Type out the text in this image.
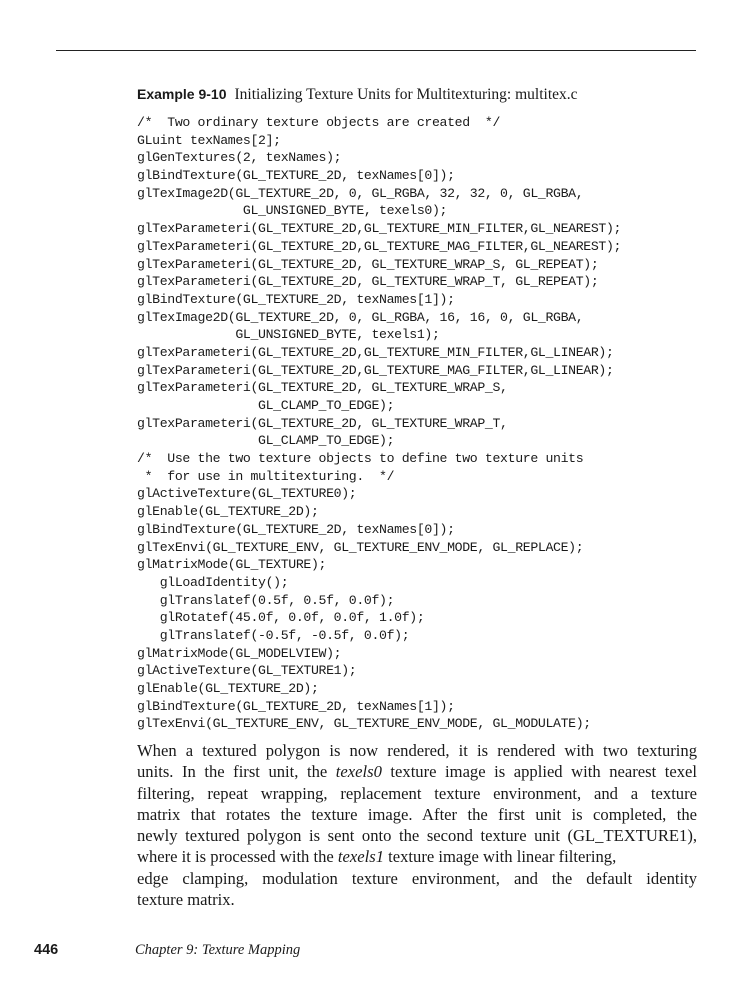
Example 9-10 Initializing Texture Units for Multitexturing: multitex.c
/*  Two ordinary texture objects are created  */
GLuint texNames[2];
glGenTextures(2, texNames);
glBindTexture(GL_TEXTURE_2D, texNames[0]);
glTexImage2D(GL_TEXTURE_2D, 0, GL_RGBA, 32, 32, 0, GL_RGBA,
GL_UNSIGNED_BYTE, texels0);
glTexParameteri(GL_TEXTURE_2D,GL_TEXTURE_MIN_FILTER,GL_NEAREST);
glTexParameteri(GL_TEXTURE_2D,GL_TEXTURE_MAG_FILTER,GL_NEAREST);
glTexParameteri(GL_TEXTURE_2D, GL_TEXTURE_WRAP_S, GL_REPEAT);
glTexParameteri(GL_TEXTURE_2D, GL_TEXTURE_WRAP_T, GL_REPEAT);
glBindTexture(GL_TEXTURE_2D, texNames[1]);
glTexImage2D(GL_TEXTURE_2D, 0, GL_RGBA, 16, 16, 0, GL_RGBA,
GL_UNSIGNED_BYTE, texels1);
glTexParameteri(GL_TEXTURE_2D,GL_TEXTURE_MIN_FILTER,GL_LINEAR);
glTexParameteri(GL_TEXTURE_2D,GL_TEXTURE_MAG_FILTER,GL_LINEAR);
glTexParameteri(GL_TEXTURE_2D, GL_TEXTURE_WRAP_S,
GL_CLAMP_TO_EDGE);
glTexParameteri(GL_TEXTURE_2D, GL_TEXTURE_WRAP_T,
GL_CLAMP_TO_EDGE);
/*  Use the two texture objects to define two texture units
*  for use in multitexturing.  */
glActiveTexture(GL_TEXTURE0);
glEnable(GL_TEXTURE_2D);
glBindTexture(GL_TEXTURE_2D, texNames[0]);
glTexEnvi(GL_TEXTURE_ENV, GL_TEXTURE_ENV_MODE, GL_REPLACE);
glMatrixMode(GL_TEXTURE);
glLoadIdentity();
glTranslatef(0.5f, 0.5f, 0.0f);
glRotatef(45.0f, 0.0f, 0.0f, 1.0f);
glTranslatef(-0.5f, -0.5f, 0.0f);
glMatrixMode(GL_MODELVIEW);
glActiveTexture(GL_TEXTURE1);
glEnable(GL_TEXTURE_2D);
glBindTexture(GL_TEXTURE_2D, texNames[1]);
glTexEnvi(GL_TEXTURE_ENV, GL_TEXTURE_ENV_MODE, GL_MODULATE);
When a textured polygon is now rendered, it is rendered with two texturing
units. In the first unit, the texels0 texture image is applied with nearest texel
filtering, repeat wrapping, replacement texture environment, and a texture
matrix that rotates the texture image. After the first unit is completed, the
newly textured polygon is sent onto the second texture unit (GL_TEXTURE1),
where it is processed with the texels1 texture image with linear filtering,
edge clamping, modulation texture environment, and the default identity
texture matrix.
446	Chapter 9: Texture Mapping
